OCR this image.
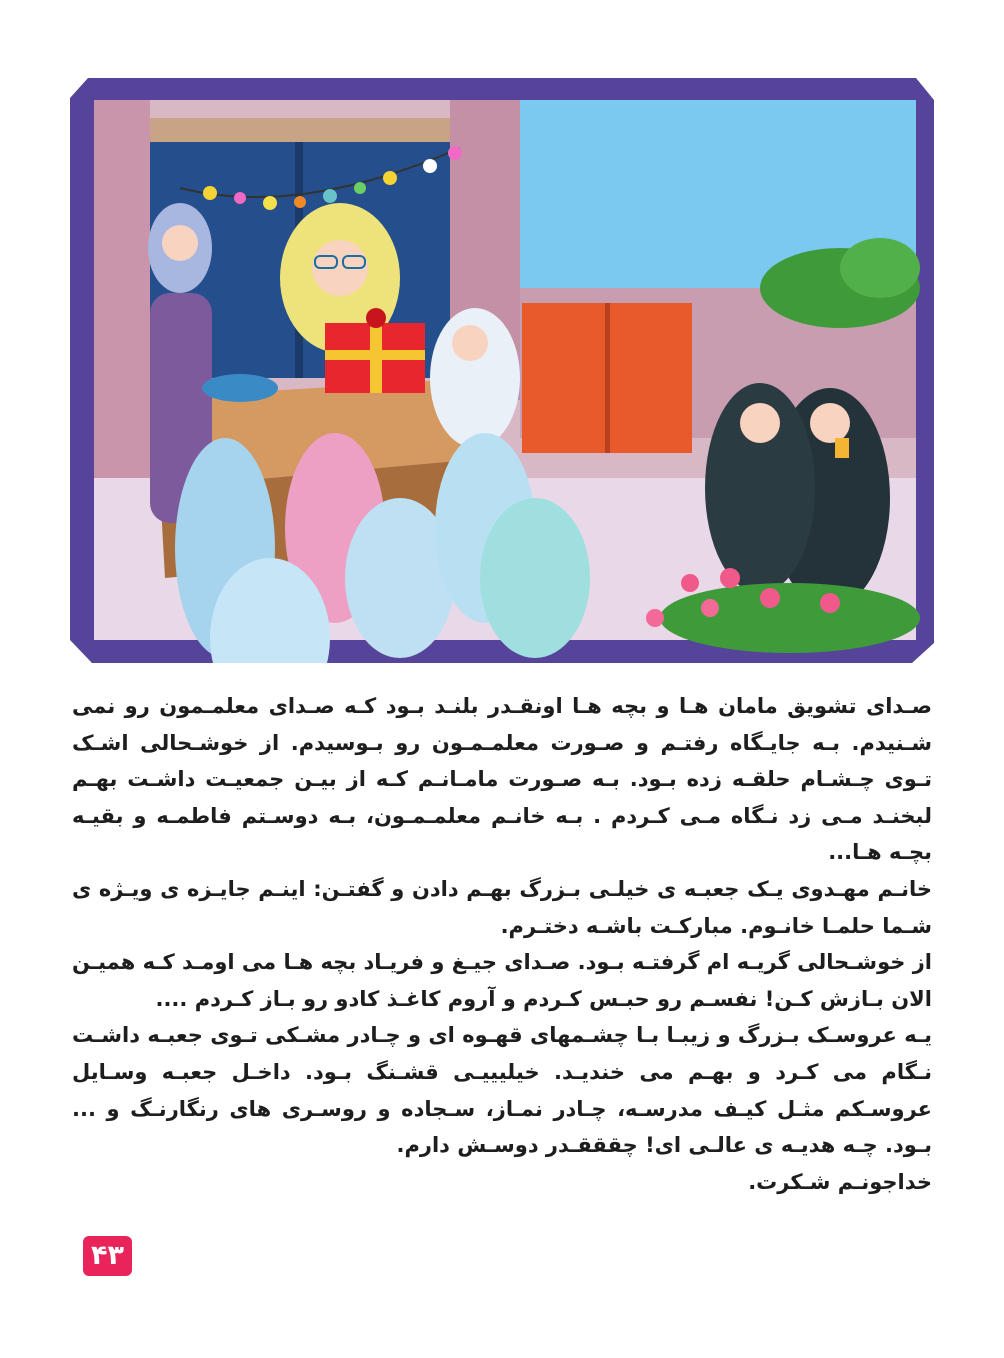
صـدای تشویق مامان هـا و بچه هـا اونقـدر بلنـد بـود کـه صـدای معلمـمون رو نمی شـنیدم. بـه جایـگاه رفتـم و صـورت معلمـمـون رو بـوسیدم. از خوشـحالی اشـک تـوی چـشـام حلقـه زده بـود. بـه صـورت مامـانـم کـه از بیـن جمعیـت داشـت بهـم لبخنـد مـی زد نـگاه مـی کـردم . بـه خانـم معلمـمـون، بـه دوسـتم فاطمـه و بقیـه بچـه هـا...

خانـم مهـدوی یـک جعبـه ی خیلـی بـزرگ بهـم دادن و گفتـن: اینـم جایـزه ی ویـژه ی شـما حلمـا خانـوم. مبارکـت باشـه دختـرم.

از خوشـحالی گریـه ام گرفتـه بـود. صـدای جیـغ و فریـاد بچه هـا می اومـد کـه همیـن الان بـازش کـن! نفسـم رو حبـس کـردم و آروم کاغـذ کادو رو بـاز کـردم ....

یـه عروسـک بـزرگ و زیبـا بـا چشـمهای قهـوه ای و چـادر مشـکی تـوی جعبـه داشـت نـگام می کـرد و بهـم می خندیـد. خیلیییـی قشـنگ بـود. داخـل جعبـه وسـایل عروسـکم مثـل کیـف مدرسـه، چـادر نمـاز، سـجاده و روسـری های رنگارنـگ و ... بـود. چـه هدیـه ی عالـی ای! چقققـدر دوسـش دارم.

خداجونـم شـکرت.

۴۳
